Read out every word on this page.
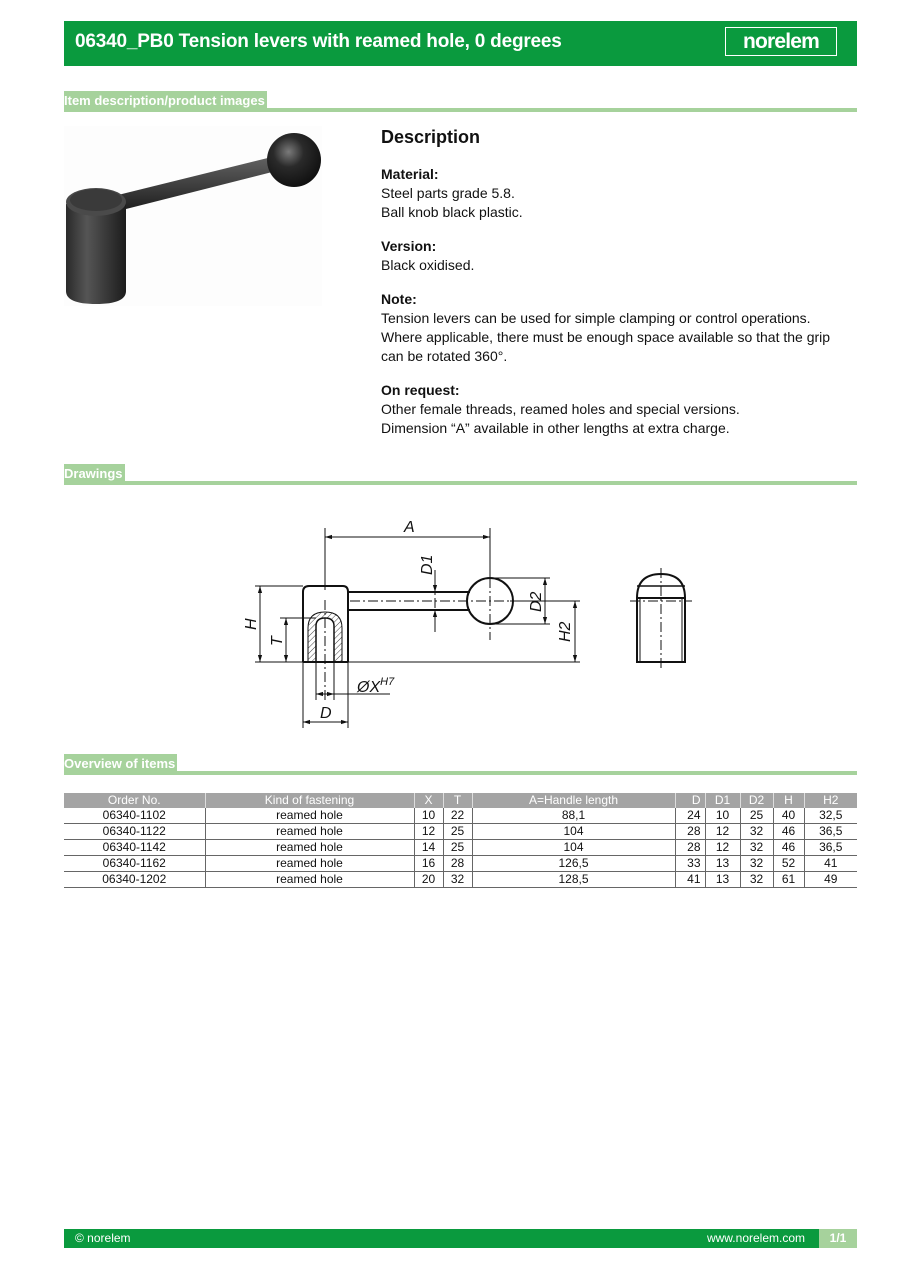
06340_PB0 Tension levers with reamed hole, 0 degrees	norelem
Item description/product images
Description
Material:
Steel parts grade 5.8.
Ball knob black plastic.
Version:
Black oxidised.
Note:
Tension levers can be used for simple clamping or control operations.
Where applicable, there must be enough space available so that the grip can be rotated 360°.
On request:
Other female threads, reamed holes and special versions.
Dimension “A” available in other lengths at extra charge.
Drawings
A
D1
D2
H2
H
T
$ØX^{H7}$
D
Overview of items
Order No.	Kind of fastening	X	T	A=Handle length	D	D1	D2	H	H2
06340-1102	reamed hole	10	22	88,1	24	10	25	40	32,5
06340-1122	reamed hole	12	25	104	28	12	32	46	36,5
06340-1142	reamed hole	14	25	104	28	12	32	46	36,5
06340-1162	reamed hole	16	28	126,5	33	13	32	52	41
06340-1202	reamed hole	20	32	128,5	41	13	32	61	49
© norelem	www.norelem.com	1/1
